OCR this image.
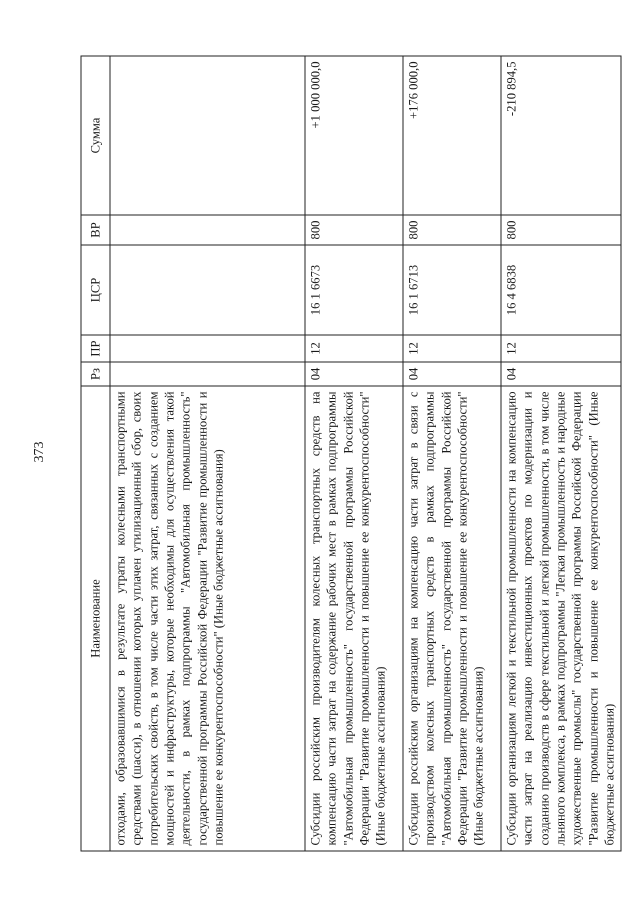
373
Наименование	Рз	ПР	ЦСР	ВР	Сумма
отходами, образовавшимися в результате утраты колесными транспортными средствами (шасси), в отношении которых уплачен утилизационный сбор, своих потребительских свойств, в том числе части этих затрат, связанных с созданием мощностей и инфраструктуры, которые необходимы для осуществления такой деятельности, в рамках подпрограммы "Автомобильная промышленность" государственной программы Российской Федерации "Развитие промышленности и повышение ее конкурентоспособности" (Иные бюджетные ассигнования)					
Субсидии российским производителям колесных транспортных средств на компенсацию части затрат на содержание рабочих мест в рамках подпрограммы "Автомобильная промышленность" государственной программы Российской Федерации "Развитие промышленности и повышение ее конкурентоспособности" (Иные бюджетные ассигнования)	04	12	16 1 6673	800	+1 000 000,0
Субсидии российским организациям на компенсацию части затрат в связи с производством колесных транспортных средств в рамках подпрограммы "Автомобильная промышленность" государственной программы Российской Федерации "Развитие промышленности и повышение ее конкурентоспособности" (Иные бюджетные ассигнования)	04	12	16 1 6713	800	+176 000,0
Субсидии организациям легкой и текстильной промышленности на компенсацию части затрат на реализацию инвестиционных проектов по модернизации и созданию производств в сфере текстильной и легкой промышленности, в том числе льняного комплекса, в рамках подпрограммы "Легкая промышленность и народные художественные промыслы" государственной программы Российской Федерации "Развитие промышленности и повышение ее конкурентоспособности" (Иные бюджетные ассигнования)	04	12	16 4 6838	800	-210 894,5
